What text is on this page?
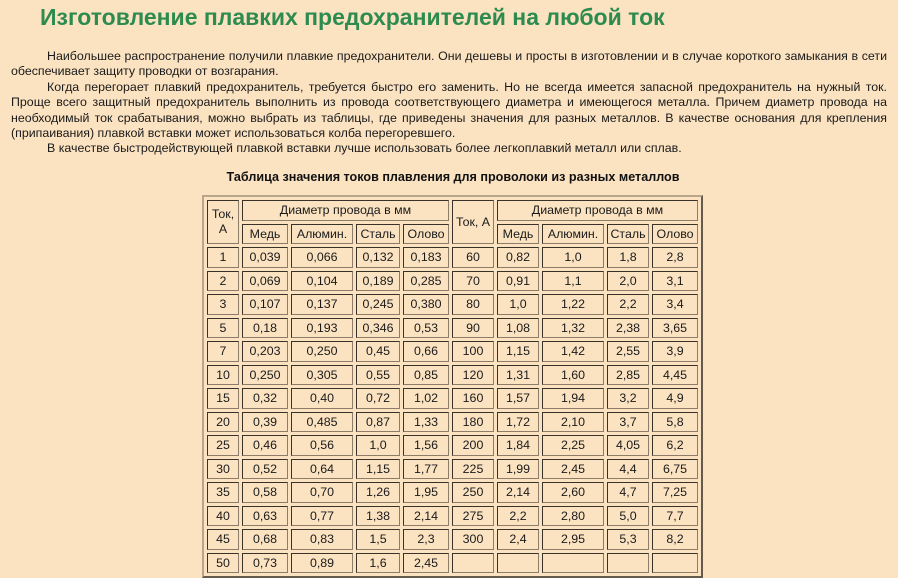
Изготовление плавких предохранителей на любой ток

Наибольшее распространение получили плавкие предохранители. Они дешевы и просты в изготовлении и в случае короткого замыкания в сети обеспечивает защиту проводки от возгарания.

Когда перегорает плавкий предохранитель, требуется быстро его заменить. Но не всегда имеется запасной предохранитель на нужный ток. Проще всего защитный предохранитель выполнить из провода соответствующего диаметра и имеющегося металла. Причем диаметр провода на необходимый ток срабатывания, можно выбрать из таблицы, где приведены значения для разных металлов. В качестве основания для крепления (припаивания) плавкой вставки может использоваться колба перегоревшего.

В качестве быстродействующей плавкой вставки лучше использовать более легкоплавкий металл или сплав.

Таблица значения токов плавления для проволоки из разных металлов
Ток,
А	Диаметр провода в мм				Ток, А	Диаметр провода в мм			
	Медь	Алюмин.	Сталь	Олово		Медь	Алюмин.	Сталь	Олово
1	0,039	0,066	0,132	0,183	60	0,82	1,0	1,8	2,8
2	0,069	0,104	0,189	0,285	70	0,91	1,1	2,0	3,1
3	0,107	0,137	0,245	0,380	80	1,0	1,22	2,2	3,4
5	0,18	0,193	0,346	0,53	90	1,08	1,32	2,38	3,65
7	0,203	0,250	0,45	0,66	100	1,15	1,42	2,55	3,9
10	0,250	0,305	0,55	0,85	120	1,31	1,60	2,85	4,45
15	0,32	0,40	0,72	1,02	160	1,57	1,94	3,2	4,9
20	0,39	0,485	0,87	1,33	180	1,72	2,10	3,7	5,8
25	0,46	0,56	1,0	1,56	200	1,84	2,25	4,05	6,2
30	0,52	0,64	1,15	1,77	225	1,99	2,45	4,4	6,75
35	0,58	0,70	1,26	1,95	250	2,14	2,60	4,7	7,25
40	0,63	0,77	1,38	2,14	275	2,2	2,80	5,0	7,7
45	0,68	0,83	1,5	2,3	300	2,4	2,95	5,3	8,2
50	0,73	0,89	1,6	2,45					
